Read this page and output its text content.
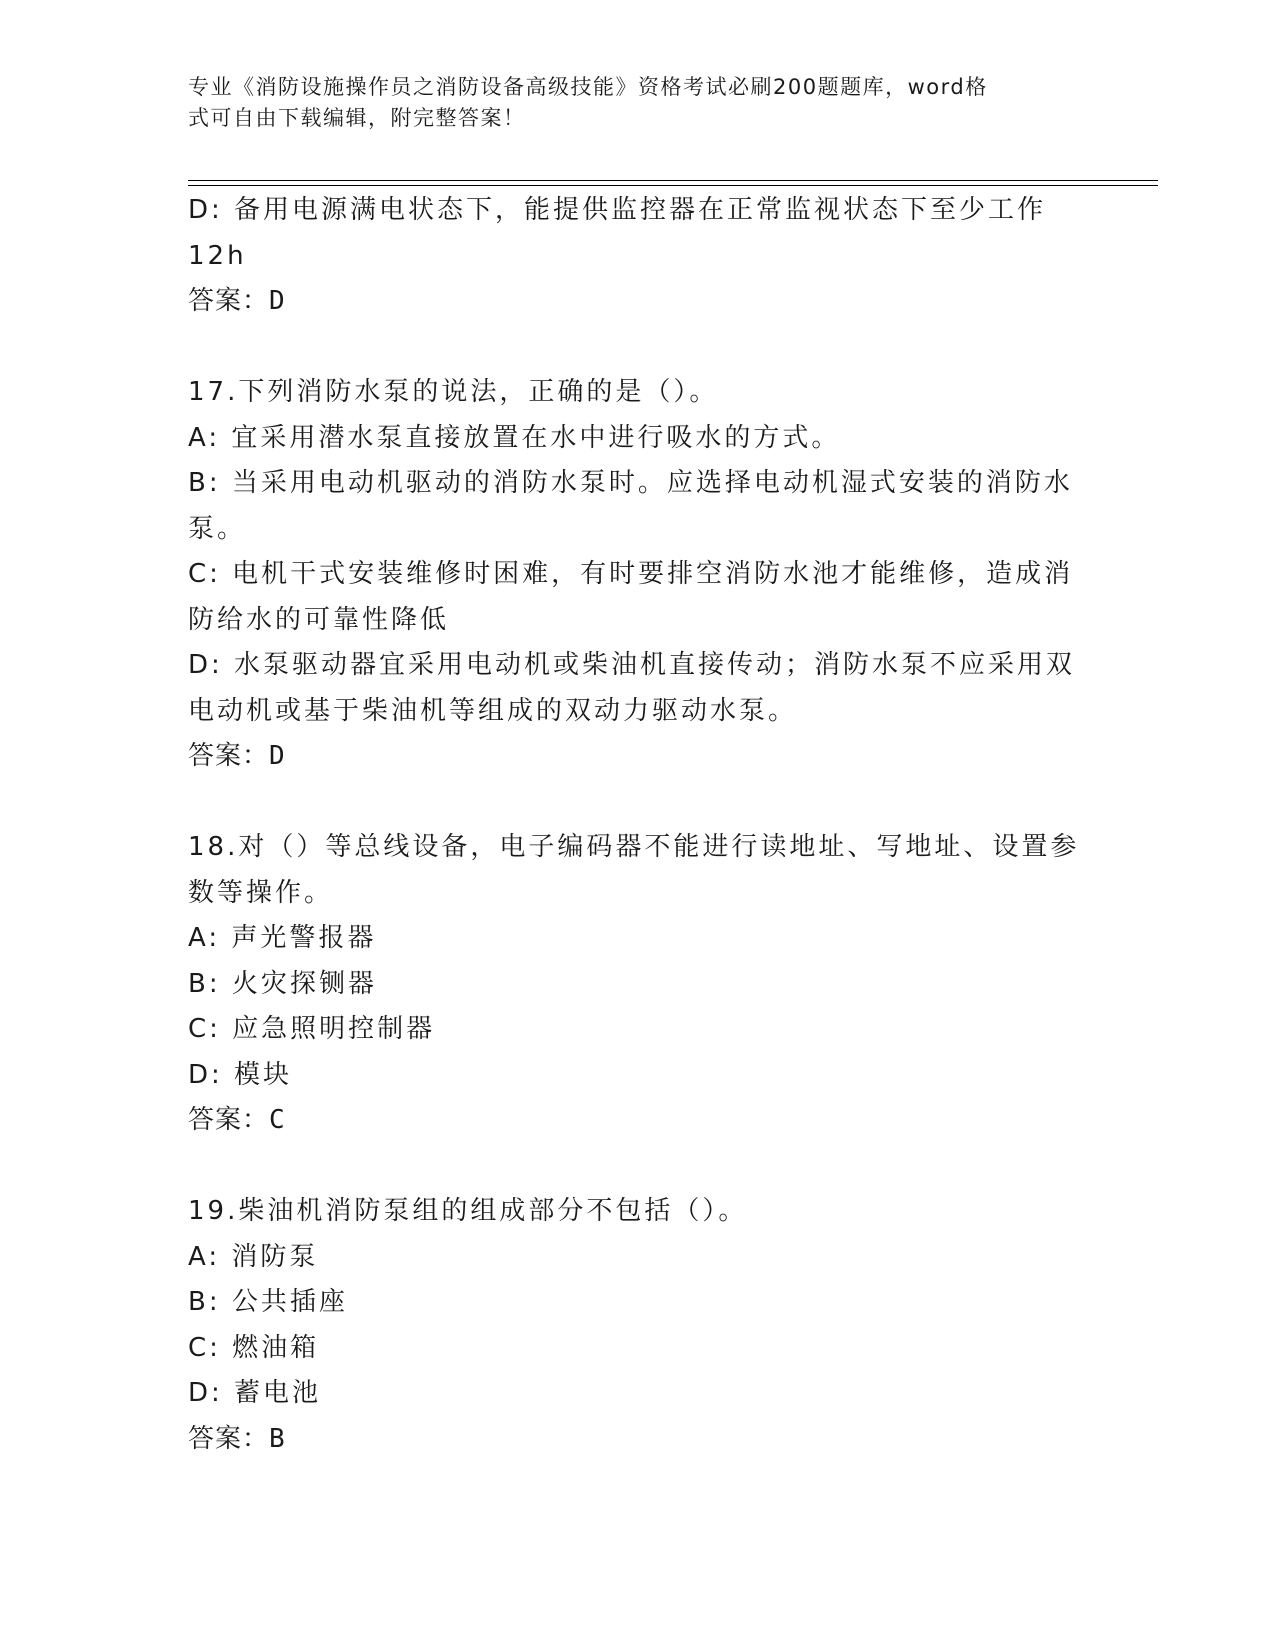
专业《消防设施操作员之消防设备高级技能》资格考试必刷200题题库，word格
式可自由下载编辑，附完整答案！
D: 备用电源满电状态下，能提供监控器在正常监视状态下至少工作
12h
答案：D
17.下列消防水泵的说法，正确的是（）。
A: 宜采用潜水泵直接放置在水中进行吸水的方式。
B: 当采用电动机驱动的消防水泵时。应选择电动机湿式安装的消防水
泵。
C: 电机干式安装维修时困难，有时要排空消防水池才能维修，造成消
防给水的可靠性降低
D: 水泵驱动器宜采用电动机或柴油机直接传动；消防水泵不应采用双
电动机或基于柴油机等组成的双动力驱动水泵。
答案：D
18.对（）等总线设备，电子编码器不能进行读地址、写地址、设置参
数等操作。
A: 声光警报器
B: 火灾探铡器
C: 应急照明控制器
D: 模块
答案：C
19.柴油机消防泵组的组成部分不包括（）。
A: 消防泵
B: 公共插座
C: 燃油箱
D: 蓄电池
答案：B
